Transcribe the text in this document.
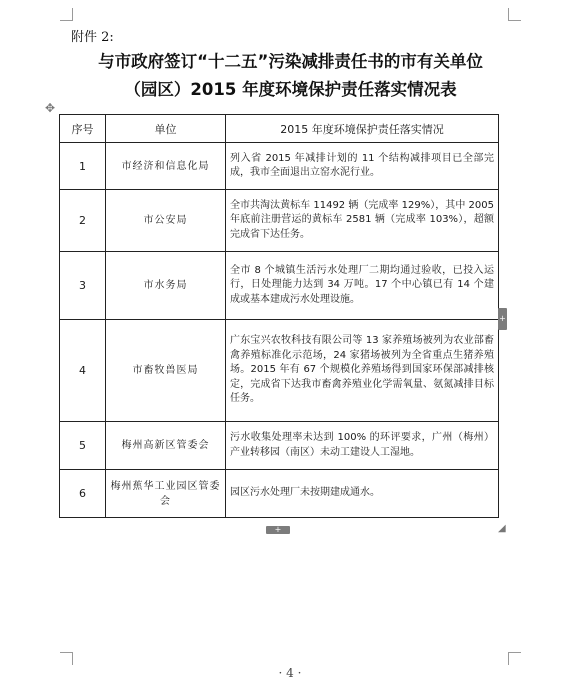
附件 2:
与市政府签订“十二五”污染减排责任书的市有关单位
（园区）2015 年度环境保护责任落实情况表
✥
序号	单位	2015 年度环境保护责任落实情况
1	市经济和信息化局	列入省 2015 年减排计划的 11 个结构减排项目已全部完成，我市全面退出立窑水泥行业。
2	市公安局	全市共淘汰黄标车 11492 辆（完成率 129%），其中 2005 年底前注册营运的黄标车 2581 辆（完成率 103%），超额完成省下达任务。
3	市水务局	全市 8 个城镇生活污水处理厂二期均通过验收，已投入运行，日处理能力达到 34 万吨。17 个中心镇已有 14 个建成或基本建成污水处理设施。
4	市畜牧兽医局	广东宝兴农牧科技有限公司等 13 家养殖场被列为农业部畜禽养殖标准化示范场，24 家猪场被列为全省重点生猪养殖场。2015 年有 67 个规模化养殖场得到国家环保部减排核定，完成省下达我市畜禽养殖业化学需氧量、氨氮减排目标任务。
5	梅州高新区管委会	污水收集处理率未达到 100% 的环评要求，广州（梅州）产业转移园（南区）未动工建设人工湿地。
6	梅州蕉华工业园区管委会	园区污水处理厂未按期建成通水。
+
+	◢
· 4 ·
